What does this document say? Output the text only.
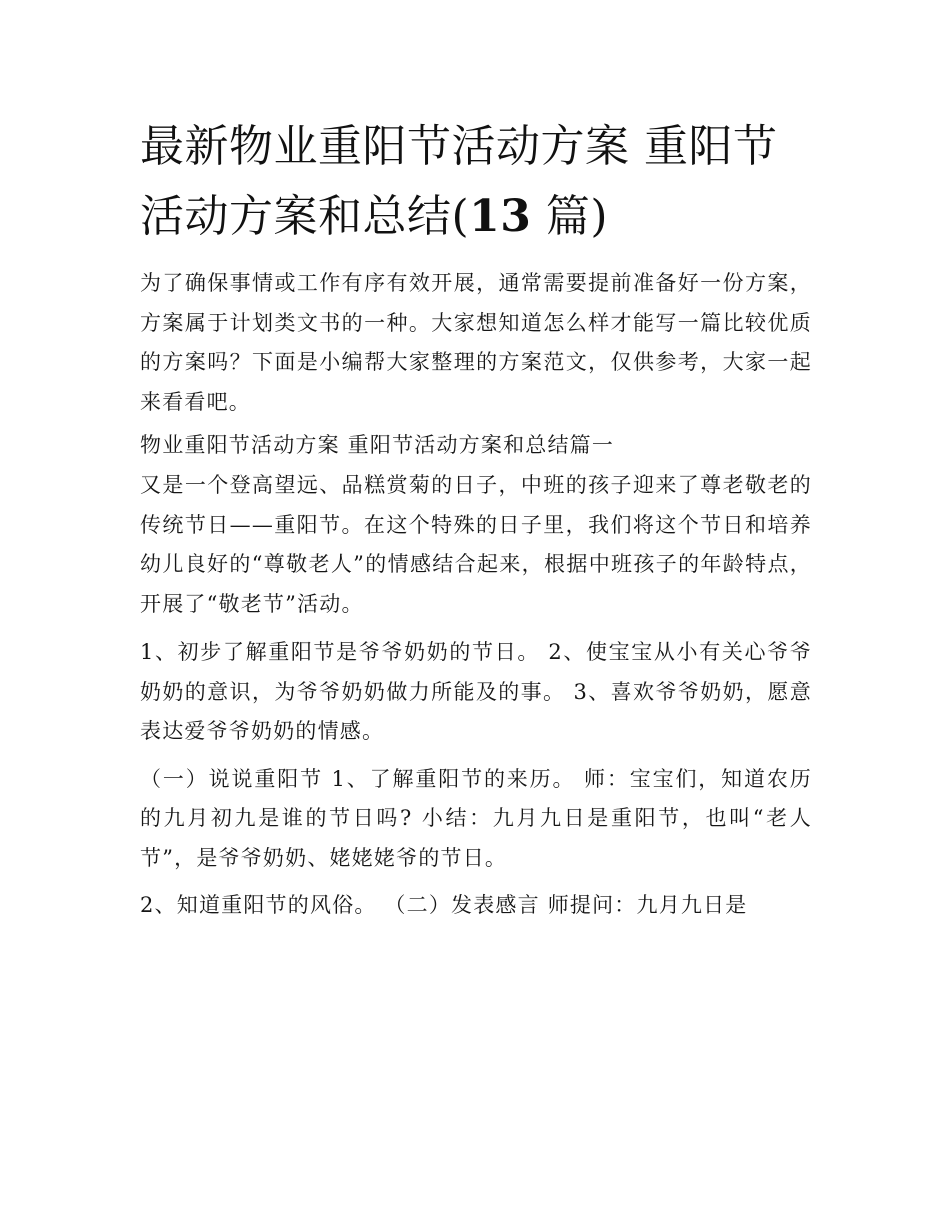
最新物业重阳节活动方案 重阳节活动方案和总结(13 篇)

为了确保事情或工作有序有效开展，通常需要提前准备好一份方案，方案属于计划类文书的一种。大家想知道怎么样才能写一篇比较优质的方案吗？下面是小编帮大家整理的方案范文，仅供参考，大家一起来看看吧。

物业重阳节活动方案 重阳节活动方案和总结篇一

又是一个登高望远、品糕赏菊的日子，中班的孩子迎来了尊老敬老的传统节日——重阳节。在这个特殊的日子里，我们将这个节日和培养幼儿良好的“尊敬老人”的情感结合起来，根据中班孩子的年龄特点，开展了“敬老节”活动。

1、初步了解重阳节是爷爷奶奶的节日。 2、使宝宝从小有关心爷爷奶奶的意识，为爷爷奶奶做力所能及的事。 3、喜欢爷爷奶奶，愿意表达爱爷爷奶奶的情感。

（一）说说重阳节 1、了解重阳节的来历。 师：宝宝们，知道农历的九月初九是谁的节日吗? 小结：九月九日是重阳节，也叫“老人节”，是爷爷奶奶、姥姥姥爷的节日。

2、知道重阳节的风俗。 （二）发表感言 师提问：九月九日是
